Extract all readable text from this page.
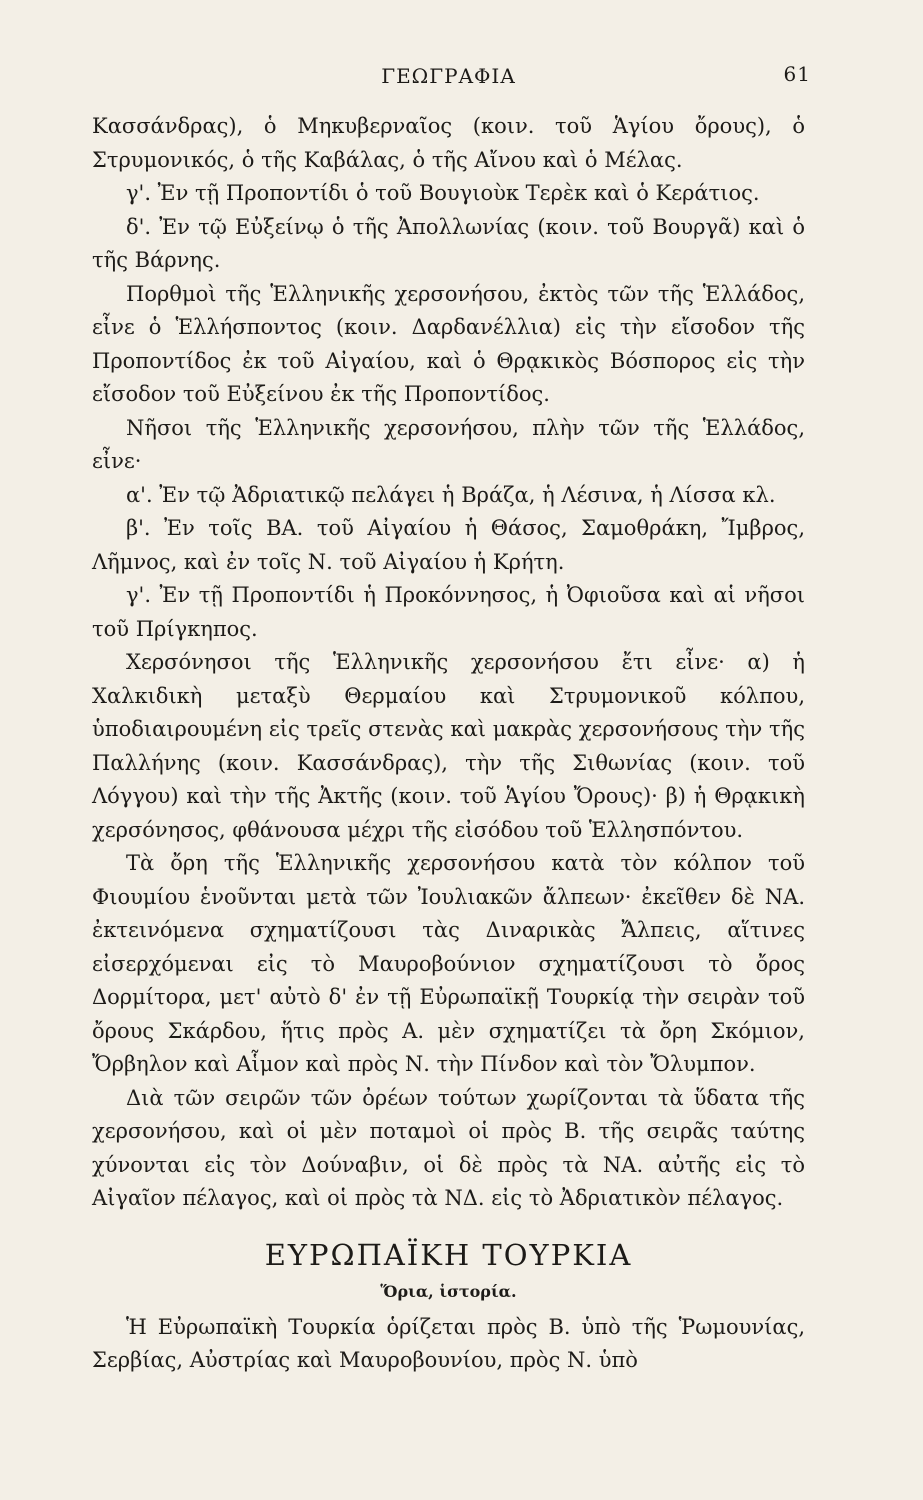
ΓΕΩΓΡΑΦΙΑ	61

Κασσάνδρας), ὁ Μηκυβερναῖος (κοιν. τοῦ Ἁγίου ὄρους), ὁ Στρυμονικός, ὁ τῆς Καβάλας, ὁ τῆς Αἴνου καὶ ὁ Μέλας.

γ'. Ἐν τῇ Προποντίδι ὁ τοῦ Βουγιοὺκ Τερὲκ καὶ ὁ Κεράτιος.

δ'. Ἐν τῷ Εὐξείνῳ ὁ τῆς Ἀπολλωνίας (κοιν. τοῦ Βουργᾶ) καὶ ὁ τῆς Βάρνης.

Πορθμοὶ τῆς Ἑλληνικῆς χερσονήσου, ἐκτὸς τῶν τῆς Ἑλλάδος, εἶνε ὁ Ἑλλήσποντος (κοιν. Δαρδανέλλια) εἰς τὴν εἴσοδον τῆς Προποντίδος ἐκ τοῦ Αἰγαίου, καὶ ὁ Θρᾳκικὸς Βόσπορος εἰς τὴν εἴσοδον τοῦ Εὐξείνου ἐκ τῆς Προποντίδος.

Νῆσοι τῆς Ἑλληνικῆς χερσονήσου, πλὴν τῶν τῆς Ἑλλάδος, εἶνε·

α'. Ἐν τῷ Ἀδριατικῷ πελάγει ἡ Βράζα, ἡ Λέσινα, ἡ Λίσσα κλ.

β'. Ἐν τοῖς ΒΑ. τοῦ Αἰγαίου ἡ Θάσος, Σαμοθράκη, Ἴμβρος, Λῆμνος, καὶ ἐν τοῖς Ν. τοῦ Αἰγαίου ἡ Κρήτη.

γ'. Ἐν τῇ Προποντίδι ἡ Προκόννησος, ἡ Ὀφιοῦσα καὶ αἱ νῆσοι τοῦ Πρίγκηπος.

Χερσόνησοι τῆς Ἑλληνικῆς χερσονήσου ἔτι εἶνε· α) ἡ Χαλκιδικὴ μεταξὺ Θερμαίου καὶ Στρυμονικοῦ κόλπου, ὑποδιαιρουμένη εἰς τρεῖς στενὰς καὶ μακρὰς χερσονήσους τὴν τῆς Παλλήνης (κοιν. Κασσάνδρας), τὴν τῆς Σιθωνίας (κοιν. τοῦ Λόγγου) καὶ τὴν τῆς Ἀκτῆς (κοιν. τοῦ Ἁγίου Ὄρους)· β) ἡ Θρᾳκικὴ χερσόνησος, φθάνουσα μέχρι τῆς εἰσόδου τοῦ Ἑλλησπόντου.

Τὰ ὄρη τῆς Ἑλληνικῆς χερσονήσου κατὰ τὸν κόλπον τοῦ Φιουμίου ἑνοῦνται μετὰ τῶν Ἰουλιακῶν ἄλπεων· ἐκεῖθεν δὲ ΝΑ. ἐκτεινόμενα σχηματίζουσι τὰς Διναρικὰς Ἄλπεις, αἵτινες εἰσερχόμεναι εἰς τὸ Μαυροβούνιον σχηματίζουσι τὸ ὄρος Δορμίτορα, μετ' αὐτὸ δ' ἐν τῇ Εὐρωπαϊκῇ Τουρκίᾳ τὴν σειρὰν τοῦ ὄρους Σκάρδου, ἥτις πρὸς Α. μὲν σχηματίζει τὰ ὄρη Σκόμιον, Ὄρβηλον καὶ Αἷμον καὶ πρὸς Ν. τὴν Πίνδον καὶ τὸν Ὄλυμπον.

Διὰ τῶν σειρῶν τῶν ὀρέων τούτων χωρίζονται τὰ ὕδατα τῆς χερσονήσου, καὶ οἱ μὲν ποταμοὶ οἱ πρὸς Β. τῆς σειρᾶς ταύτης χύνονται εἰς τὸν Δούναβιν, οἱ δὲ πρὸς τὰ ΝΑ. αὐτῆς εἰς τὸ Αἰγαῖον πέλαγος, καὶ οἱ πρὸς τὰ ΝΔ. εἰς τὸ Ἀδριατικὸν πέλαγος.

ΕΥΡΩΠΑΪΚΗ ΤΟΥΡΚΙΑ
Ὅρια, ἱστορία.

Ἡ Εὐρωπαϊκὴ Τουρκία ὁρίζεται πρὸς Β. ὑπὸ τῆς Ῥωμουνίας, Σερβίας, Αὐστρίας καὶ Μαυροβουνίου, πρὸς Ν. ὑπὸ
